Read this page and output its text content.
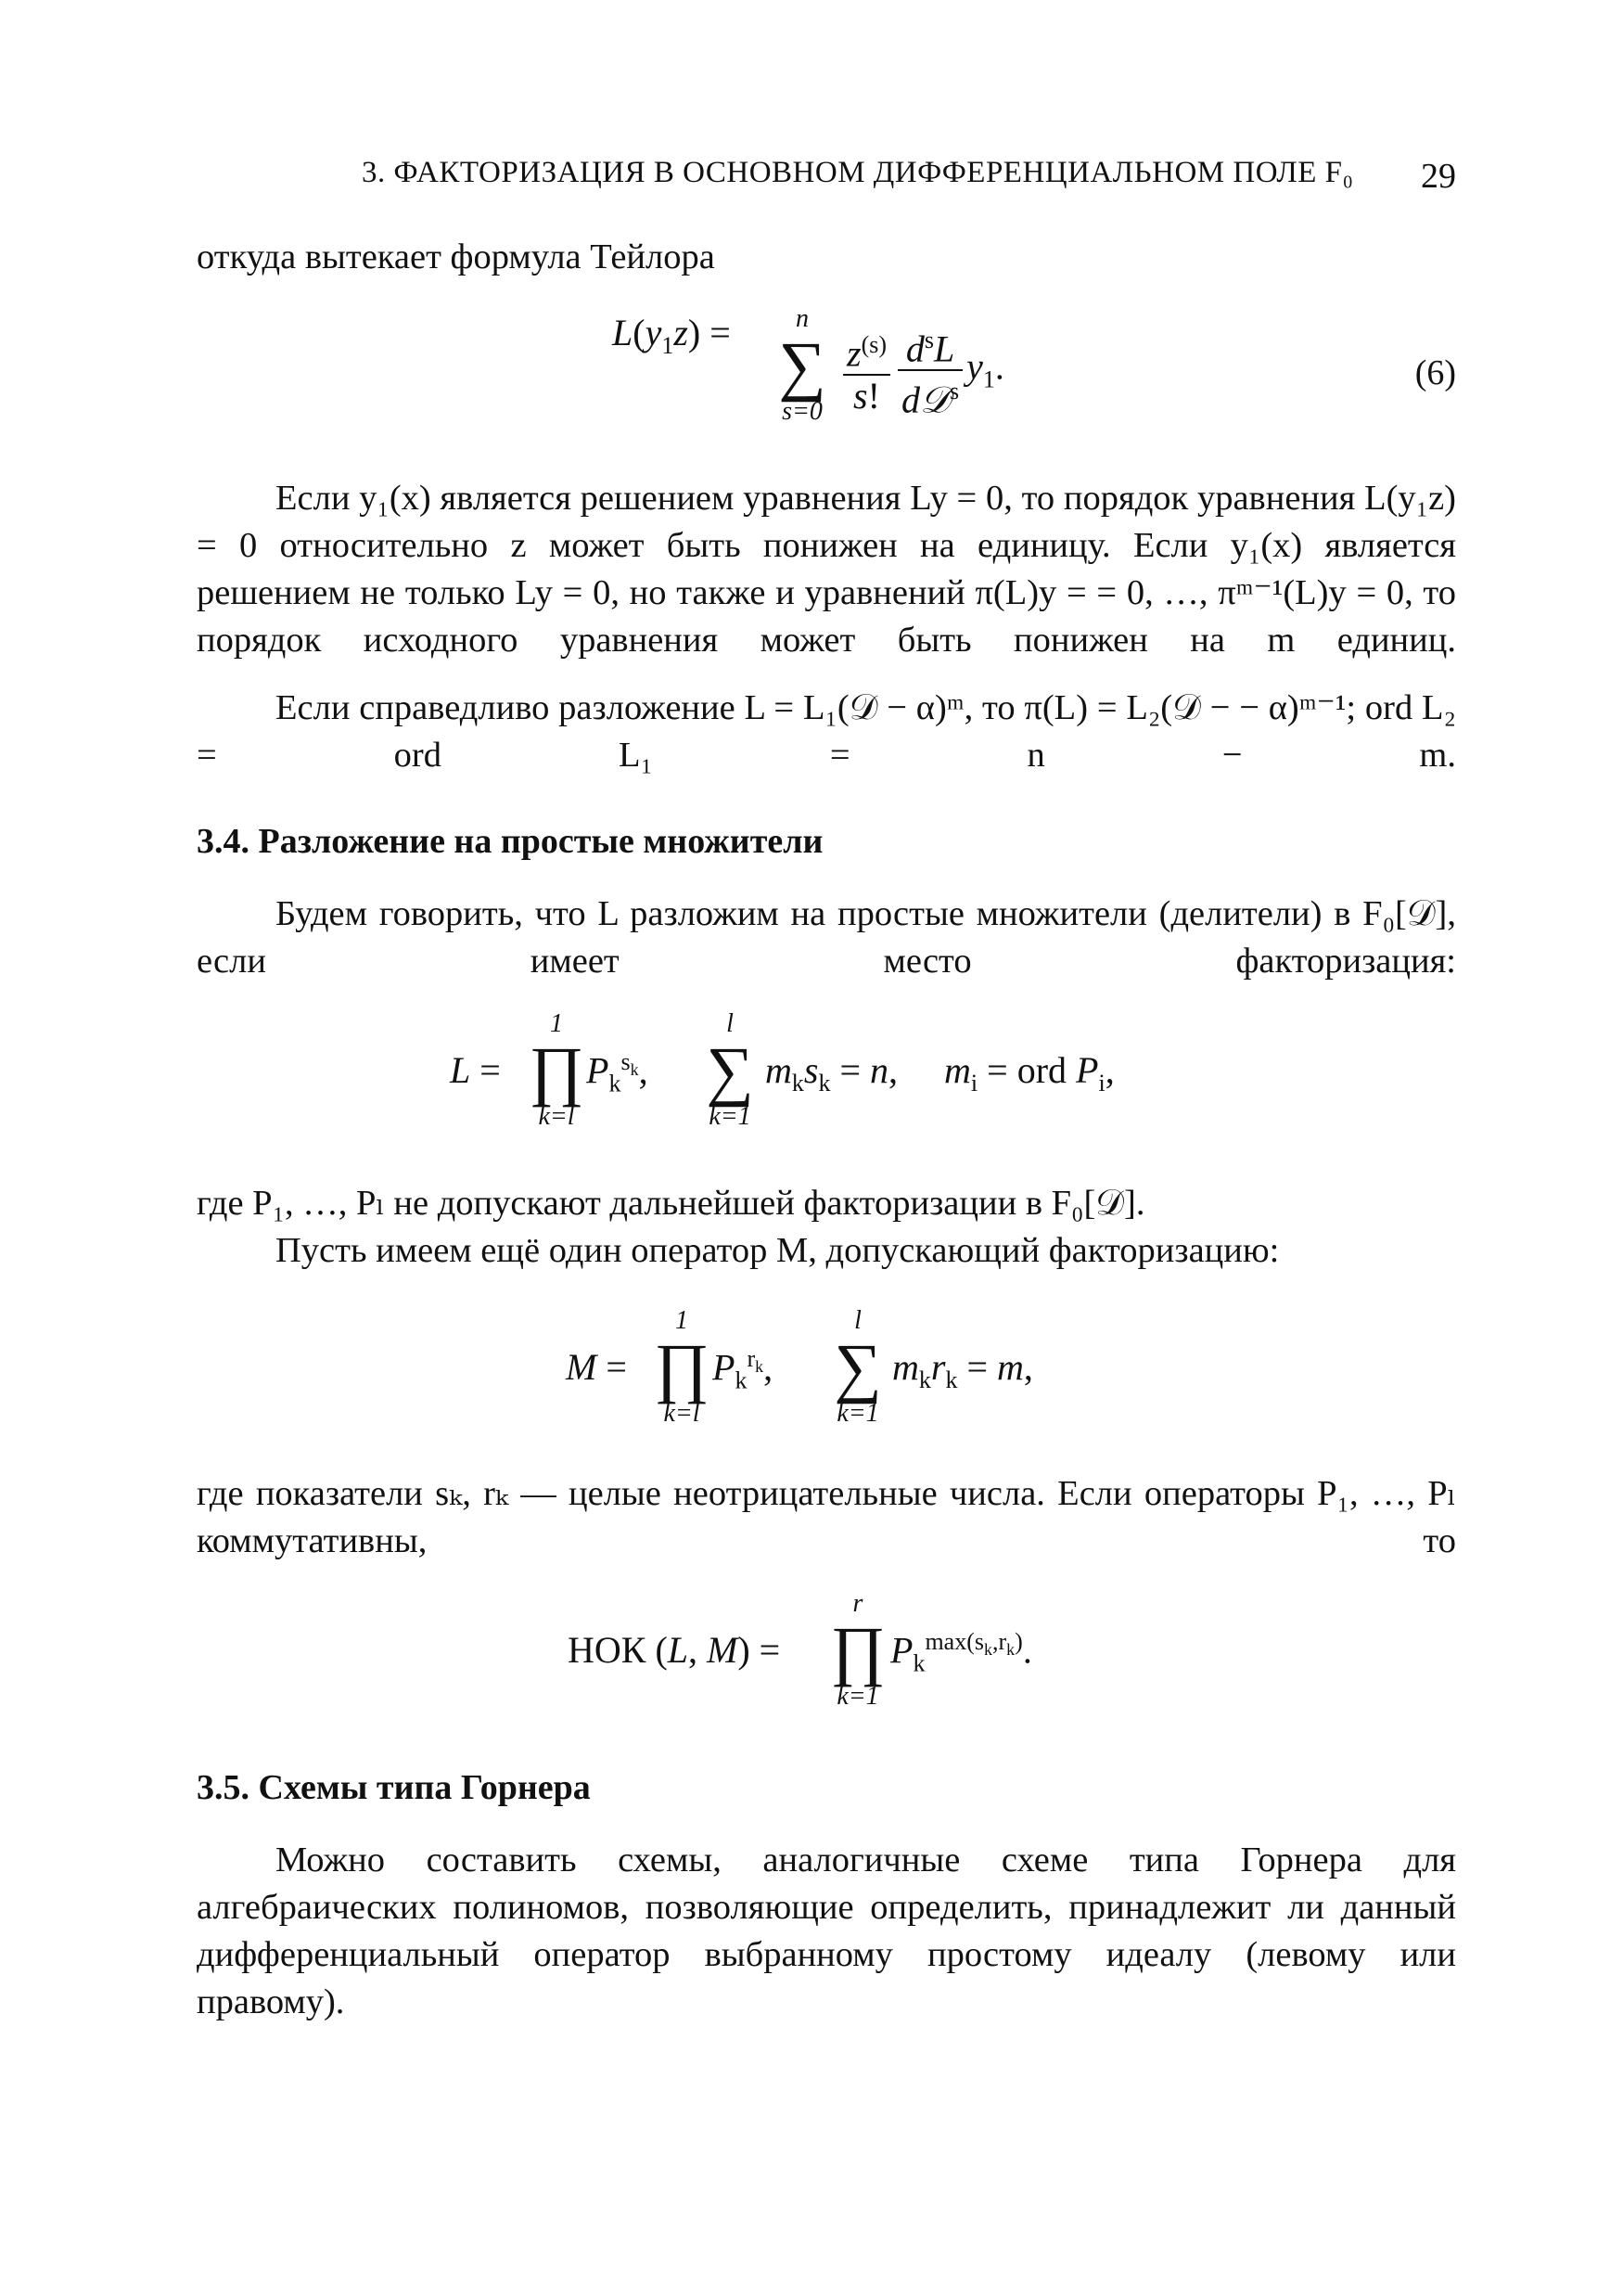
3. ФАКТОРИЗАЦИЯ В ОСНОВНОМ ДИФФЕРЕНЦИАЛЬНОМ ПОЛЕ F₀ 29
откуда вытекает формула Тейлора
$L(y_1z)$ =	n
∑
$s=0 \frac{z^{(s)}}{s!} \frac{d^sL}{d𝒟^s} y_1$.	(6)
Если y₁(x) является решением уравнения Ly = 0, то порядок уравнения L(y₁z) = 0 относительно z может быть понижен на единицу. Если y₁(x) является решением не только Ly = 0, но также и уравнений π(L)y = = 0, …, πᵐ⁻¹(L)y = 0, то порядок исходного уравнения может быть понижен на m единиц.
Если справедливо разложение L = L₁(𝒟 − α)ᵐ, то π(L) = L₂(𝒟 − − α)ᵐ⁻¹; ord L₂ = ord L₁ = n − m.
3.4. Разложение на простые множители
Будем говорить, что L разложим на простые множители (делители) в F₀[𝒟], если имеет место факторизация:
L =
1
∏
k=l
$P_k^{s_k}$,
l
∑
k=1
$m_ks_k = n$,     $m_i$ = ord $P_i$,
где P₁, …, Pₗ не допускают дальнейшей факторизации в F₀[𝒟].
Пусть имеем ещё один оператор M, допускающий факторизацию:
M =
1
∏
k=l
$P_k^{r_k}$,
l
∑
k=1
$m_kr_k = m$,
где показатели sₖ, rₖ — целые неотрицательные числа. Если операторы P₁, …, Pₗ коммутативны, то
НОК (L, M) =
r
∏
k=1
$P_k^{max(s_k,r_k)}$.
3.5. Схемы типа Горнера
Можно составить схемы, аналогичные схеме типа Горнера для алгебраических полиномов, позволяющие определить, принадлежит ли данный дифференциальный оператор выбранному простому идеалу (левому или правому).
